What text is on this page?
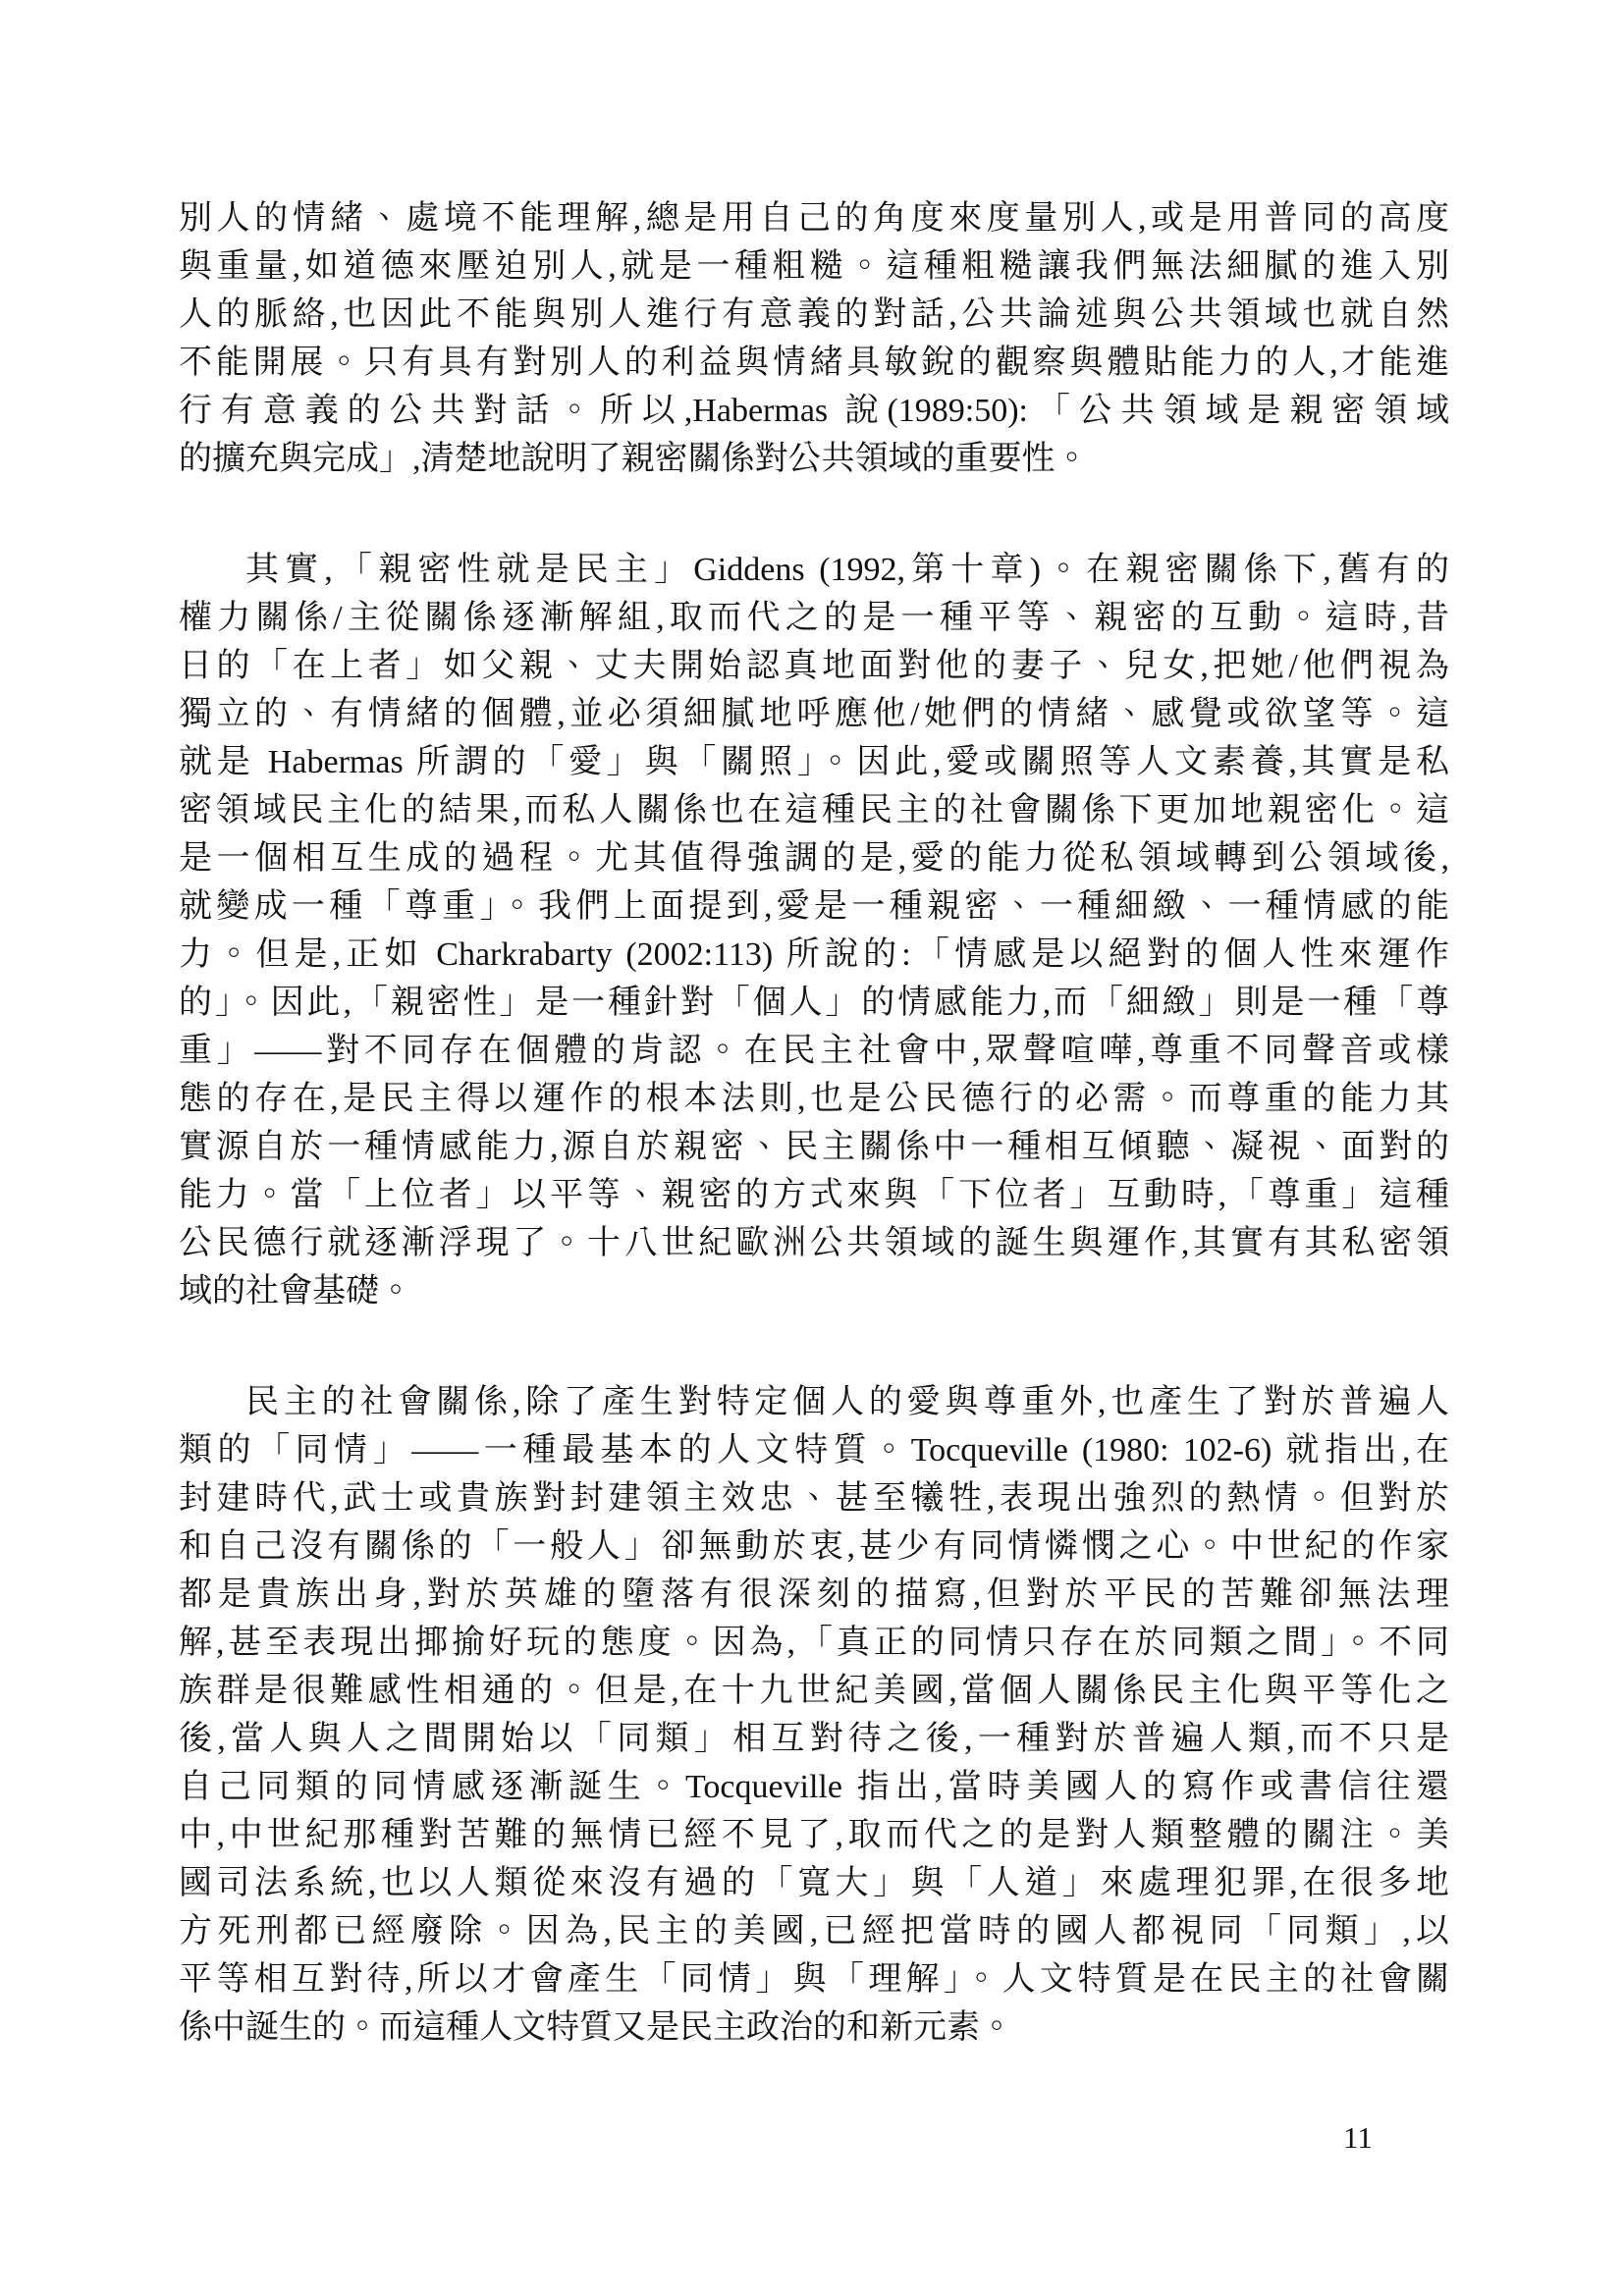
別人的情緒、處境不能理解,總是用自己的角度來度量別人,或是用普同的高度
與重量,如道德來壓迫別人,就是一種粗糙。這種粗糙讓我們無法細膩的進入別
人的脈絡,也因此不能與別人進行有意義的對話,公共論述與公共領域也就自然
不能開展。只有具有對別人的利益與情緒具敏銳的觀察與體貼能力的人,才能進
行有意義的公共對話。所以,Habermas 說(1989:50):「公共領域是親密領域
的擴充與完成」,清楚地說明了親密關係對公共領域的重要性。
其實,「親密性就是民主」Giddens (1992,第十章)。在親密關係下,舊有的
權力關係/主從關係逐漸解組,取而代之的是一種平等、親密的互動。這時,昔
日的「在上者」如父親、丈夫開始認真地面對他的妻子、兒女,把她/他們視為
獨立的、有情緒的個體,並必須細膩地呼應他/她們的情緒、感覺或欲望等。這
就是 Habermas 所謂的「愛」與「關照」。因此,愛或關照等人文素養,其實是私
密領域民主化的結果,而私人關係也在這種民主的社會關係下更加地親密化。這
是一個相互生成的過程。尤其值得強調的是,愛的能力從私領域轉到公領域後,
就變成一種「尊重」。我們上面提到,愛是一種親密、一種細緻、一種情感的能
力。但是,正如 Charkrabarty (2002:113) 所說的:「情感是以絕對的個人性來運作
的」。因此,「親密性」是一種針對「個人」的情感能力,而「細緻」則是一種「尊
重」——對不同存在個體的肯認。在民主社會中,眾聲喧嘩,尊重不同聲音或樣
態的存在,是民主得以運作的根本法則,也是公民德行的必需。而尊重的能力其
實源自於一種情感能力,源自於親密、民主關係中一種相互傾聽、凝視、面對的
能力。當「上位者」以平等、親密的方式來與「下位者」互動時,「尊重」這種
公民德行就逐漸浮現了。十八世紀歐洲公共領域的誕生與運作,其實有其私密領
域的社會基礎。
民主的社會關係,除了產生對特定個人的愛與尊重外,也產生了對於普遍人
類的「同情」——一種最基本的人文特質。Tocqueville (1980: 102-6) 就指出,在
封建時代,武士或貴族對封建領主效忠、甚至犧牲,表現出強烈的熱情。但對於
和自己沒有關係的「一般人」卻無動於衷,甚少有同情憐憫之心。中世紀的作家
都是貴族出身,對於英雄的墮落有很深刻的描寫,但對於平民的苦難卻無法理
解,甚至表現出揶揄好玩的態度。因為,「真正的同情只存在於同類之間」。不同
族群是很難感性相通的。但是,在十九世紀美國,當個人關係民主化與平等化之
後,當人與人之間開始以「同類」相互對待之後,一種對於普遍人類,而不只是
自己同類的同情感逐漸誕生。Tocqueville 指出,當時美國人的寫作或書信往還
中,中世紀那種對苦難的無情已經不見了,取而代之的是對人類整體的關注。美
國司法系統,也以人類從來沒有過的「寬大」與「人道」來處理犯罪,在很多地
方死刑都已經廢除。因為,民主的美國,已經把當時的國人都視同「同類」,以
平等相互對待,所以才會產生「同情」與「理解」。人文特質是在民主的社會關
係中誕生的。而這種人文特質又是民主政治的和新元素。
11
